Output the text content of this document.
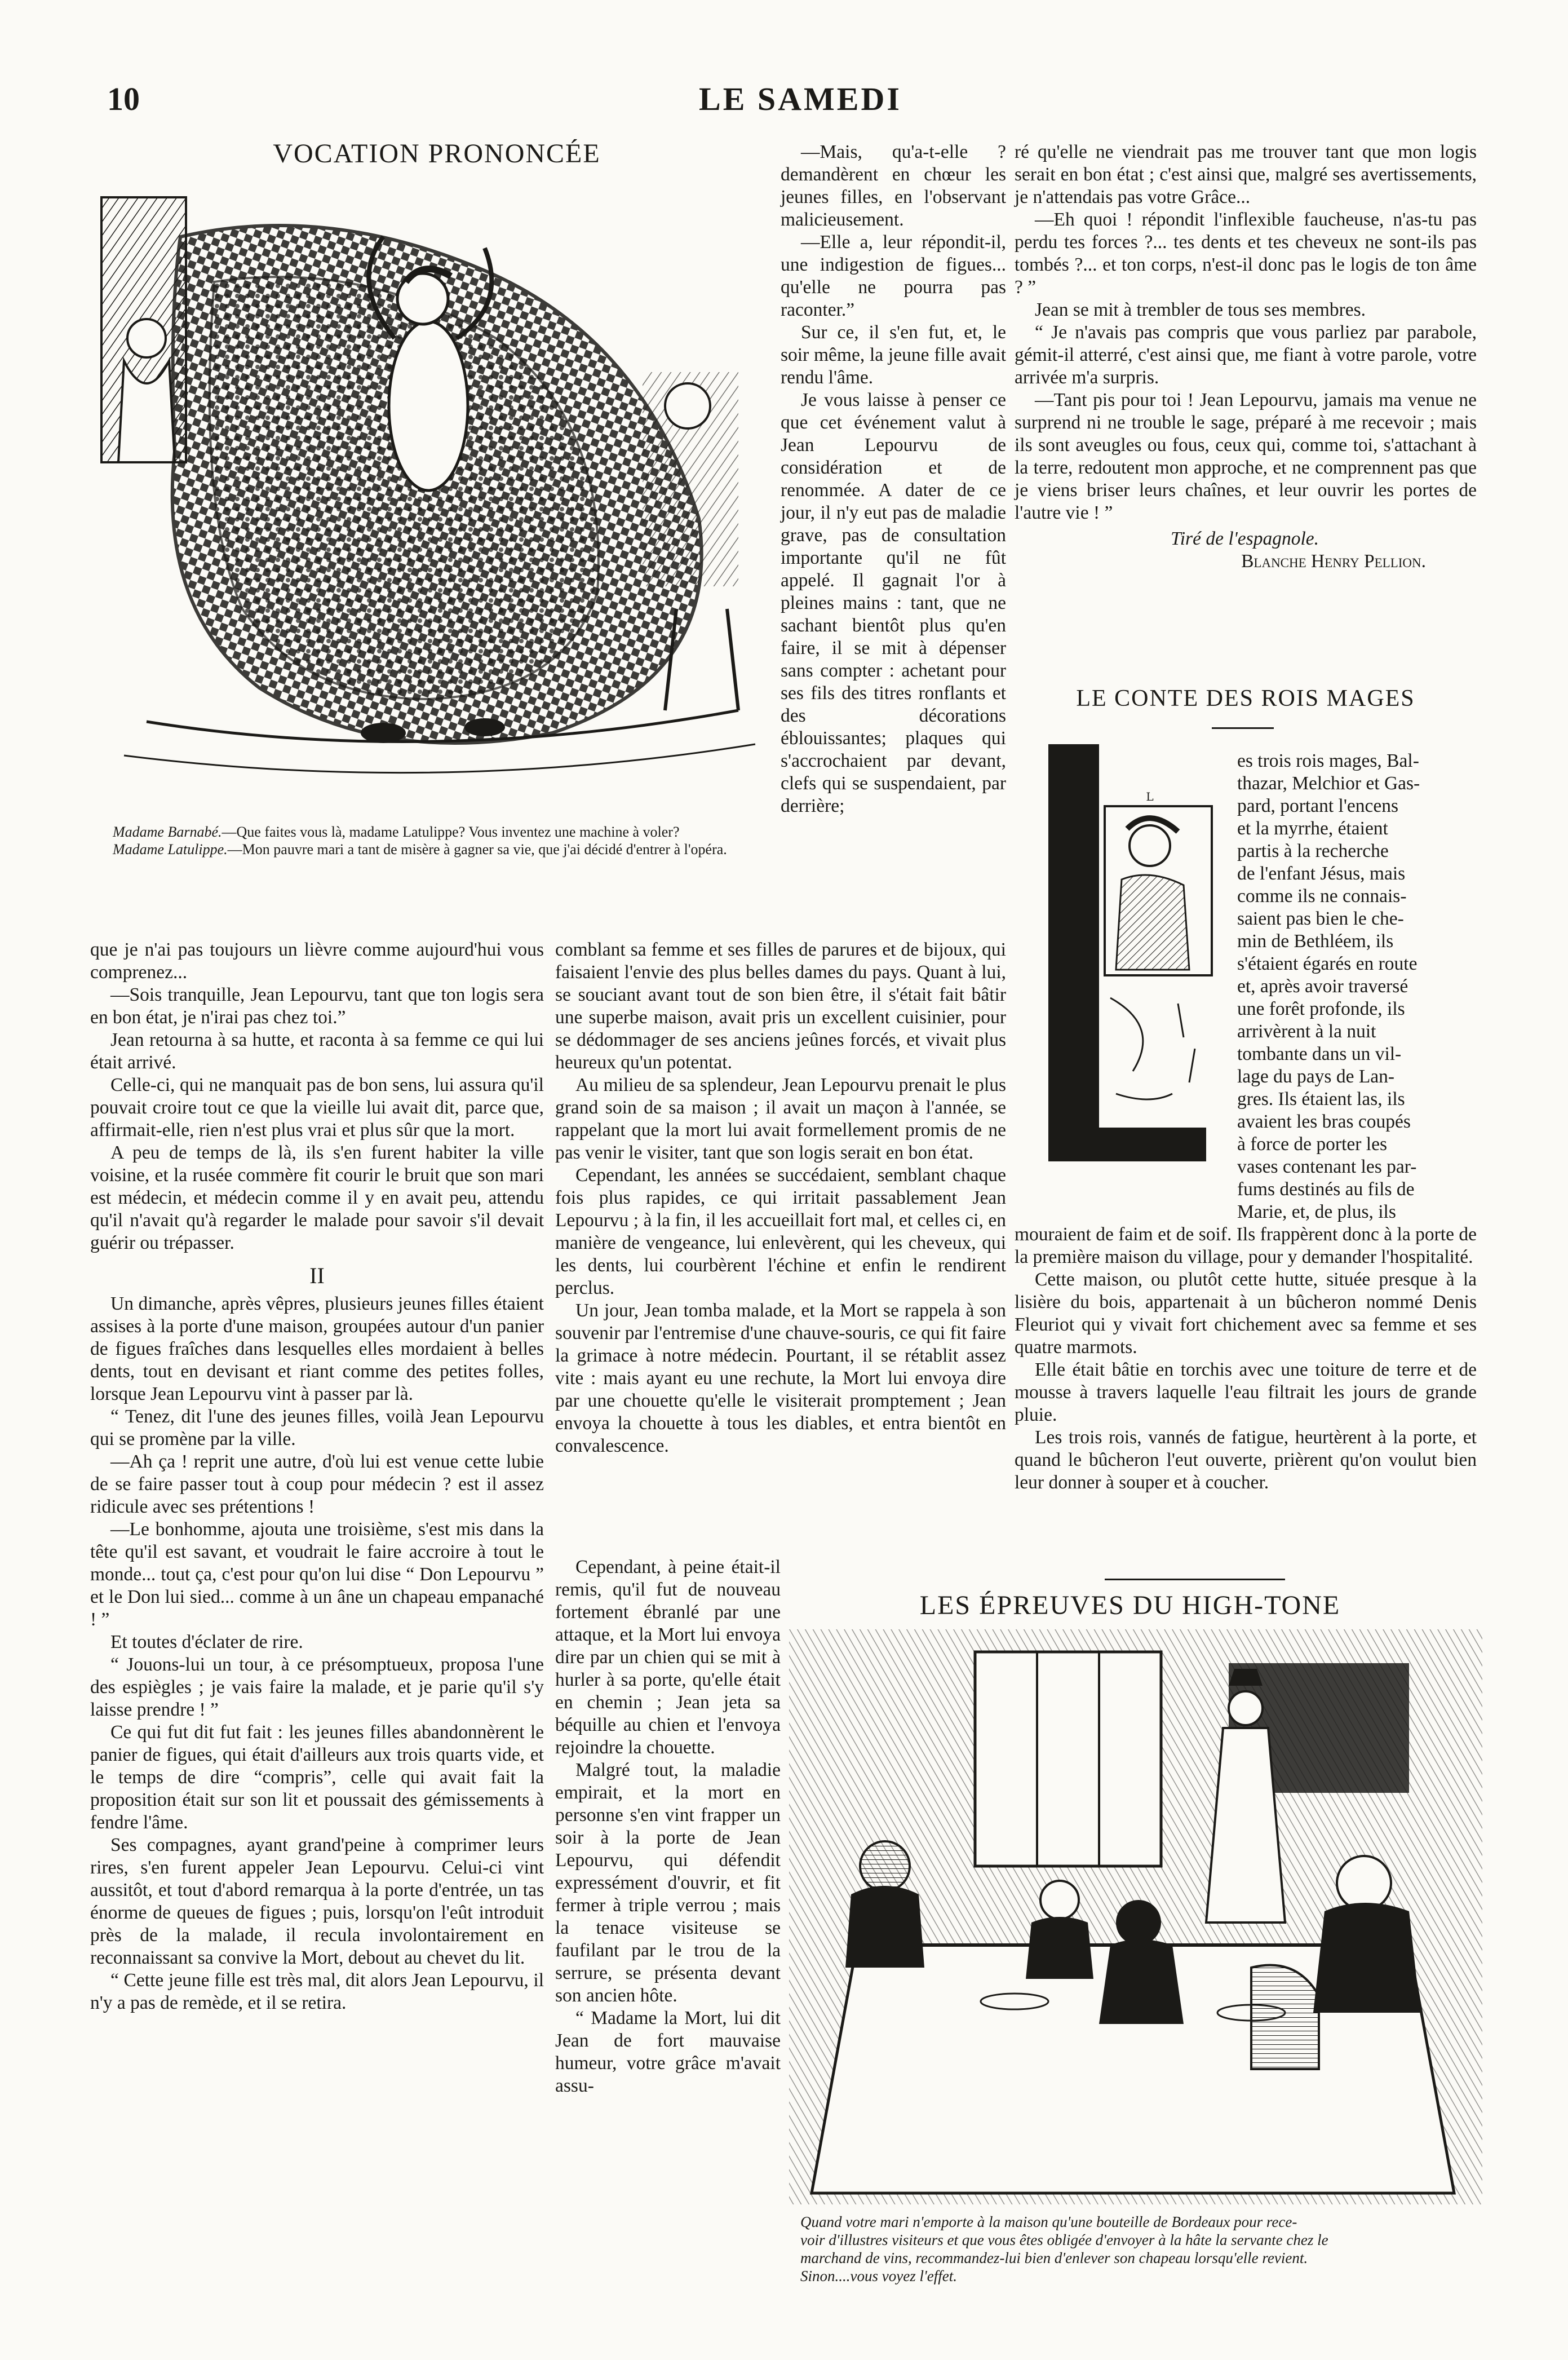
10	LE SAMEDI
VOCATION PRONONCÉE

Madame Barnabé.—Que faites vous là, madame Latulippe? Vous inventez une machine à voler?

Madame Latulippe.—Mon pauvre mari a tant de misère à gagner sa vie, que j'ai décidé d'entrer à l'opéra.

—Mais, qu'a-t-elle ? demandèrent en chœur les jeunes filles, en l'observant malicieusement.

—Elle a, leur répondit-il, une indigestion de figues... qu'elle ne pourra pas raconter.”

Sur ce, il s'en fut, et, le soir même, la jeune fille avait rendu l'âme.

Je vous laisse à penser ce que cet événement valut à Jean Lepourvu de considération et de renommée. A dater de ce jour, il n'y eut pas de maladie grave, pas de consultation importante qu'il ne fût appelé. Il gagnait l'or à pleines mains : tant, que ne sachant bientôt plus qu'en faire, il se mit à dépenser sans compter : achetant pour ses fils des titres ronflants et des décorations éblouissantes; plaques qui s'accrochaient par devant, clefs qui se suspendaient, par derrière;

que je n'ai pas toujours un lièvre comme aujourd'hui vous comprenez...

—Sois tranquille, Jean Lepourvu, tant que ton logis sera en bon état, je n'irai pas chez toi.”

Jean retourna à sa hutte, et raconta à sa femme ce qui lui était arrivé.

Celle-ci, qui ne manquait pas de bon sens, lui assura qu'il pouvait croire tout ce que la vieille lui avait dit, parce que, affirmait-elle, rien n'est plus vrai et plus sûr que la mort.

A peu de temps de là, ils s'en furent habiter la ville voisine, et la rusée commère fit courir le bruit que son mari est médecin, et médecin comme il y en avait peu, attendu qu'il n'avait qu'à regarder le malade pour savoir s'il devait guérir ou trépasser.

II

Un dimanche, après vêpres, plusieurs jeunes filles étaient assises à la porte d'une maison, groupées autour d'un panier de figues fraîches dans lesquelles elles mordaient à belles dents, tout en devisant et riant comme des petites folles, lorsque Jean Lepourvu vint à passer par là.

“ Tenez, dit l'une des jeunes filles, voilà Jean Lepourvu qui se promène par la ville.

—Ah ça ! reprit une autre, d'où lui est venue cette lubie de se faire passer tout à coup pour médecin ? est il assez ridicule avec ses prétentions !

—Le bonhomme, ajouta une troisième, s'est mis dans la tête qu'il est savant, et voudrait le faire accroire à tout le monde... tout ça, c'est pour qu'on lui dise “ Don Lepourvu ” et le Don lui sied... comme à un âne un chapeau empanaché ! ”

Et toutes d'éclater de rire.

“ Jouons-lui un tour, à ce présomptueux, proposa l'une des espiègles ; je vais faire la malade, et je parie qu'il s'y laisse prendre ! ”

Ce qui fut dit fut fait : les jeunes filles abandonnèrent le panier de figues, qui était d'ailleurs aux trois quarts vide, et le temps de dire “compris”, celle qui avait fait la proposition était sur son lit et poussait des gémissements à fendre l'âme.

Ses compagnes, ayant grand'peine à comprimer leurs rires, s'en furent appeler Jean Lepourvu. Celui-ci vint aussitôt, et tout d'abord remarqua à la porte d'entrée, un tas énorme de queues de figues ; puis, lorsqu'on l'eût introduit près de la malade, il recula involontairement en reconnaissant sa convive la Mort, debout au chevet du lit.

“ Cette jeune fille est très mal, dit alors Jean Lepourvu, il n'y a pas de remède, et il se retira.

comblant sa femme et ses filles de parures et de bijoux, qui faisaient l'envie des plus belles dames du pays. Quant à lui, se souciant avant tout de son bien être, il s'était fait bâtir une superbe maison, avait pris un excellent cuisinier, pour se dédommager de ses anciens jeûnes forcés, et vivait plus heureux qu'un potentat.

Au milieu de sa splendeur, Jean Lepourvu prenait le plus grand soin de sa maison ; il avait un maçon à l'année, se rappelant que la mort lui avait formellement promis de ne pas venir le visiter, tant que son logis serait en bon état.

Cependant, les années se succédaient, semblant chaque fois plus rapides, ce qui irritait passablement Jean Lepourvu ; à la fin, il les accueillait fort mal, et celles ci, en manière de vengeance, lui enlevèrent, qui les cheveux, qui les dents, lui courbèrent l'échine et enfin le rendirent perclus.

Un jour, Jean tomba malade, et la Mort se rappela à son souvenir par l'entremise d'une chauve-souris, ce qui fit faire la grimace à notre médecin. Pourtant, il se rétablit assez vite : mais ayant eu une rechute, la Mort lui envoya dire par une chouette qu'elle le visiterait promptement ; Jean envoya la chouette à tous les diables, et entra bientôt en convalescence.

Cependant, à peine était-il remis, qu'il fut de nouveau fortement ébranlé par une attaque, et la Mort lui envoya dire par un chien qui se mit à hurler à sa porte, qu'elle était en chemin ; Jean jeta sa béquille au chien et l'envoya rejoindre la chouette.

Malgré tout, la maladie empirait, et la mort en personne s'en vint frapper un soir à la porte de Jean Lepourvu, qui défendit expressément d'ouvrir, et fit fermer à triple verrou ; mais la tenace visiteuse se faufilant par le trou de la serrure, se présenta devant son ancien hôte.

“ Madame la Mort, lui dit Jean de fort mauvaise humeur, votre grâce m'avait assu-

ré qu'elle ne viendrait pas me trouver tant que mon logis serait en bon état ; c'est ainsi que, malgré ses avertissements, je n'attendais pas votre Grâce...

—Eh quoi ! répondit l'inflexible faucheuse, n'as-tu pas perdu tes forces ?... tes dents et tes cheveux ne sont-ils pas tombés ?... et ton corps, n'est-il donc pas le logis de ton âme ? ”

Jean se mit à trembler de tous ses membres.

“ Je n'avais pas compris que vous parliez par parabole, gémit-il atterré, c'est ainsi que, me fiant à votre parole, votre arrivée m'a surpris.

—Tant pis pour toi ! Jean Lepourvu, jamais ma venue ne surprend ni ne trouble le sage, préparé à me recevoir ; mais ils sont aveugles ou fous, ceux qui, comme toi, s'attachant à la terre, redoutent mon approche, et ne comprennent pas que je viens briser leurs chaînes, et leur ouvrir les portes de l'autre vie ! ”

Tiré de l'espagnole.

Blanche Henry Pellion.

LE CONTE DES ROIS MAGES
L

es trois rois mages, Bal-

thazar, Melchior et Gas-

pard, portant l'encens

et la myrrhe, étaient

partis à la recherche

de l'enfant Jésus, mais

comme ils ne connais-

saient pas bien le che-

min de Bethléem, ils

s'étaient égarés en route

et, après avoir traversé

une forêt profonde, ils

arrivèrent à la nuit

tombante dans un vil-

lage du pays de Lan-

gres. Ils étaient las, ils

avaient les bras coupés

à force de porter les

vases contenant les par-

fums destinés au fils de

Marie, et, de plus, ils

mouraient de faim et de soif. Ils frappèrent donc à la porte de la première maison du village, pour y demander l'hospitalité.

Cette maison, ou plutôt cette hutte, située presque à la lisière du bois, appartenait à un bûcheron nommé Denis Fleuriot qui y vivait fort chichement avec sa femme et ses quatre marmots.

Elle était bâtie en torchis avec une toiture de terre et de mousse à travers laquelle l'eau filtrait les jours de grande pluie.

Les trois rois, vannés de fatigue, heurtèrent à la porte, et quand le bûcheron l'eut ouverte, prièrent qu'on voulut bien leur donner à souper et à coucher.

LES ÉPREUVES DU HIGH-TONE

Quand votre mari n'emporte à la maison qu'une bouteille de Bordeaux pour rece-

voir d'illustres visiteurs et que vous êtes obligée d'envoyer à la hâte la servante chez le

marchand de vins, recommandez-lui bien d'enlever son chapeau lorsqu'elle revient.

Sinon....vous voyez l'effet.
